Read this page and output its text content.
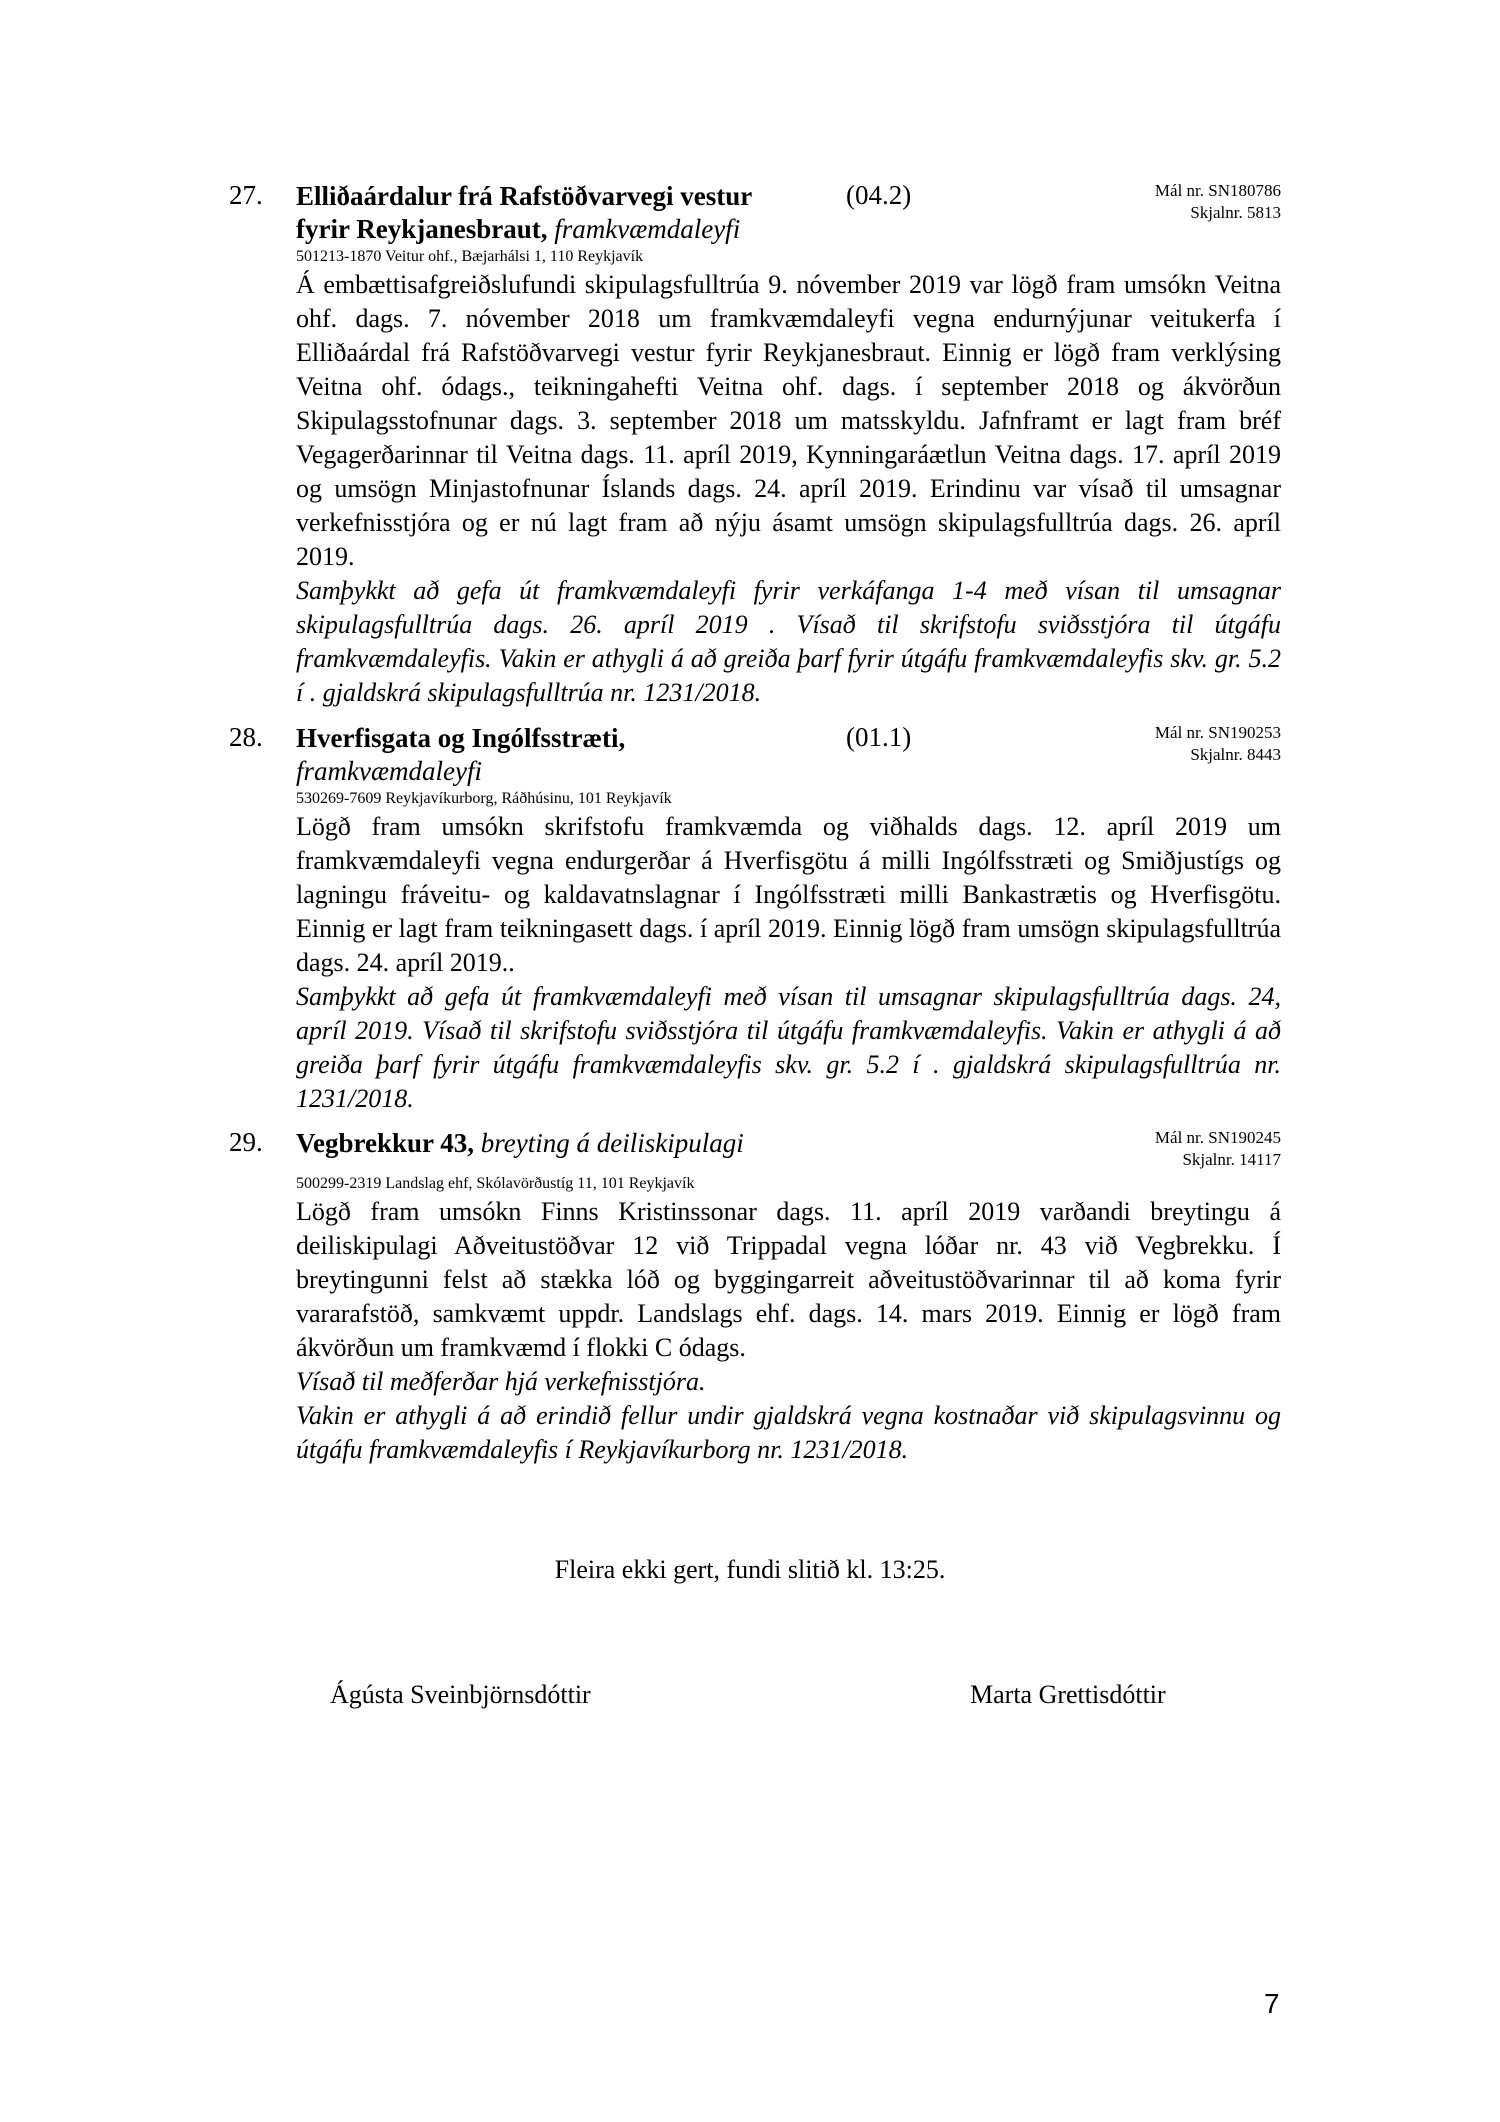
27. Elliðaárdalur frá Rafstöðvarvegi vestur
fyrir Reykjanesbraut, framkvæmdaleyfi
(04.2)	Mál nr. SN180786
Skjalnr. 5813
501213-1870 Veitur ohf., Bæjarhálsi 1, 110 Reykjavík

Á embættisafgreiðslufundi skipulagsfulltrúa 9. nóvember 2019 var lögð fram umsókn Veitna ohf. dags. 7. nóvember 2018 um framkvæmdaleyfi vegna endurnýjunar veitukerfa í Elliðaárdal frá Rafstöðvarvegi vestur fyrir Reykjanesbraut. Einnig er lögð fram verklýsing Veitna ohf. ódags., teikningahefti Veitna ohf. dags. í september 2018 og ákvörðun Skipulagsstofnunar dags. 3. september 2018 um matsskyldu. Jafnframt er lagt fram bréf Vegagerðarinnar til Veitna dags. 11. apríl 2019, Kynningaráætlun Veitna dags. 17. apríl 2019 og umsögn Minjastofnunar Íslands dags. 24. apríl 2019. Erindinu var vísað til umsagnar verkefnisstjóra og er nú lagt fram að nýju ásamt umsögn skipulagsfulltrúa dags. 26. apríl 2019.

Samþykkt að gefa út framkvæmdaleyfi fyrir verkáfanga 1-4 með vísan til umsagnar skipulagsfulltrúa dags. 26. apríl 2019 . Vísað til skrifstofu sviðsstjóra til útgáfu framkvæmdaleyfis. Vakin er athygli á að greiða þarf fyrir útgáfu framkvæmdaleyfis skv. gr. 5.2 í . gjaldskrá skipulagsfulltrúa nr. 1231/2018.

28. Hverfisgata og Ingólfsstræti,
framkvæmdaleyfi
(01.1)	Mál nr. SN190253
Skjalnr. 8443
530269-7609 Reykjavíkurborg, Ráðhúsinu, 101 Reykjavík

Lögð fram umsókn skrifstofu framkvæmda og viðhalds dags. 12. apríl 2019 um framkvæmdaleyfi vegna endurgerðar á Hverfisgötu á milli Ingólfsstræti og Smiðjustígs og lagningu fráveitu- og kaldavatnslagnar í Ingólfsstræti milli Bankastrætis og Hverfisgötu. Einnig er lagt fram teikningasett dags. í apríl 2019. Einnig lögð fram umsögn skipulagsfulltrúa dags. 24. apríl 2019..

Samþykkt að gefa út framkvæmdaleyfi með vísan til umsagnar skipulagsfulltrúa dags. 24, apríl 2019. Vísað til skrifstofu sviðsstjóra til útgáfu framkvæmdaleyfis. Vakin er athygli á að greiða þarf fyrir útgáfu framkvæmdaleyfis skv. gr. 5.2 í . gjaldskrá skipulagsfulltrúa nr. 1231/2018.

29. Vegbrekkur 43, breyting á deiliskipulagi	Mál nr. SN190245
Skjalnr. 14117
500299-2319 Landslag ehf, Skólavörðustíg 11, 101 Reykjavík

Lögð fram umsókn Finns Kristinssonar dags. 11. apríl 2019 varðandi breytingu á deiliskipulagi Aðveitustöðvar 12 við Trippadal vegna lóðar nr. 43 við Vegbrekku. Í breytingunni felst að stækka lóð og byggingarreit aðveitustöðvarinnar til að koma fyrir vararafstöð, samkvæmt uppdr. Landslags ehf. dags. 14. mars 2019. Einnig er lögð fram ákvörðun um framkvæmd í flokki C ódags.

Vísað til meðferðar hjá verkefnisstjóra.

Vakin er athygli á að erindið fellur undir gjaldskrá vegna kostnaðar við skipulagsvinnu og útgáfu framkvæmdaleyfis í Reykjavíkurborg nr. 1231/2018.

Fleira ekki gert, fundi slitið kl. 13:25.
Ágústa Sveinbjörnsdóttir	Marta Grettisdóttir
7
